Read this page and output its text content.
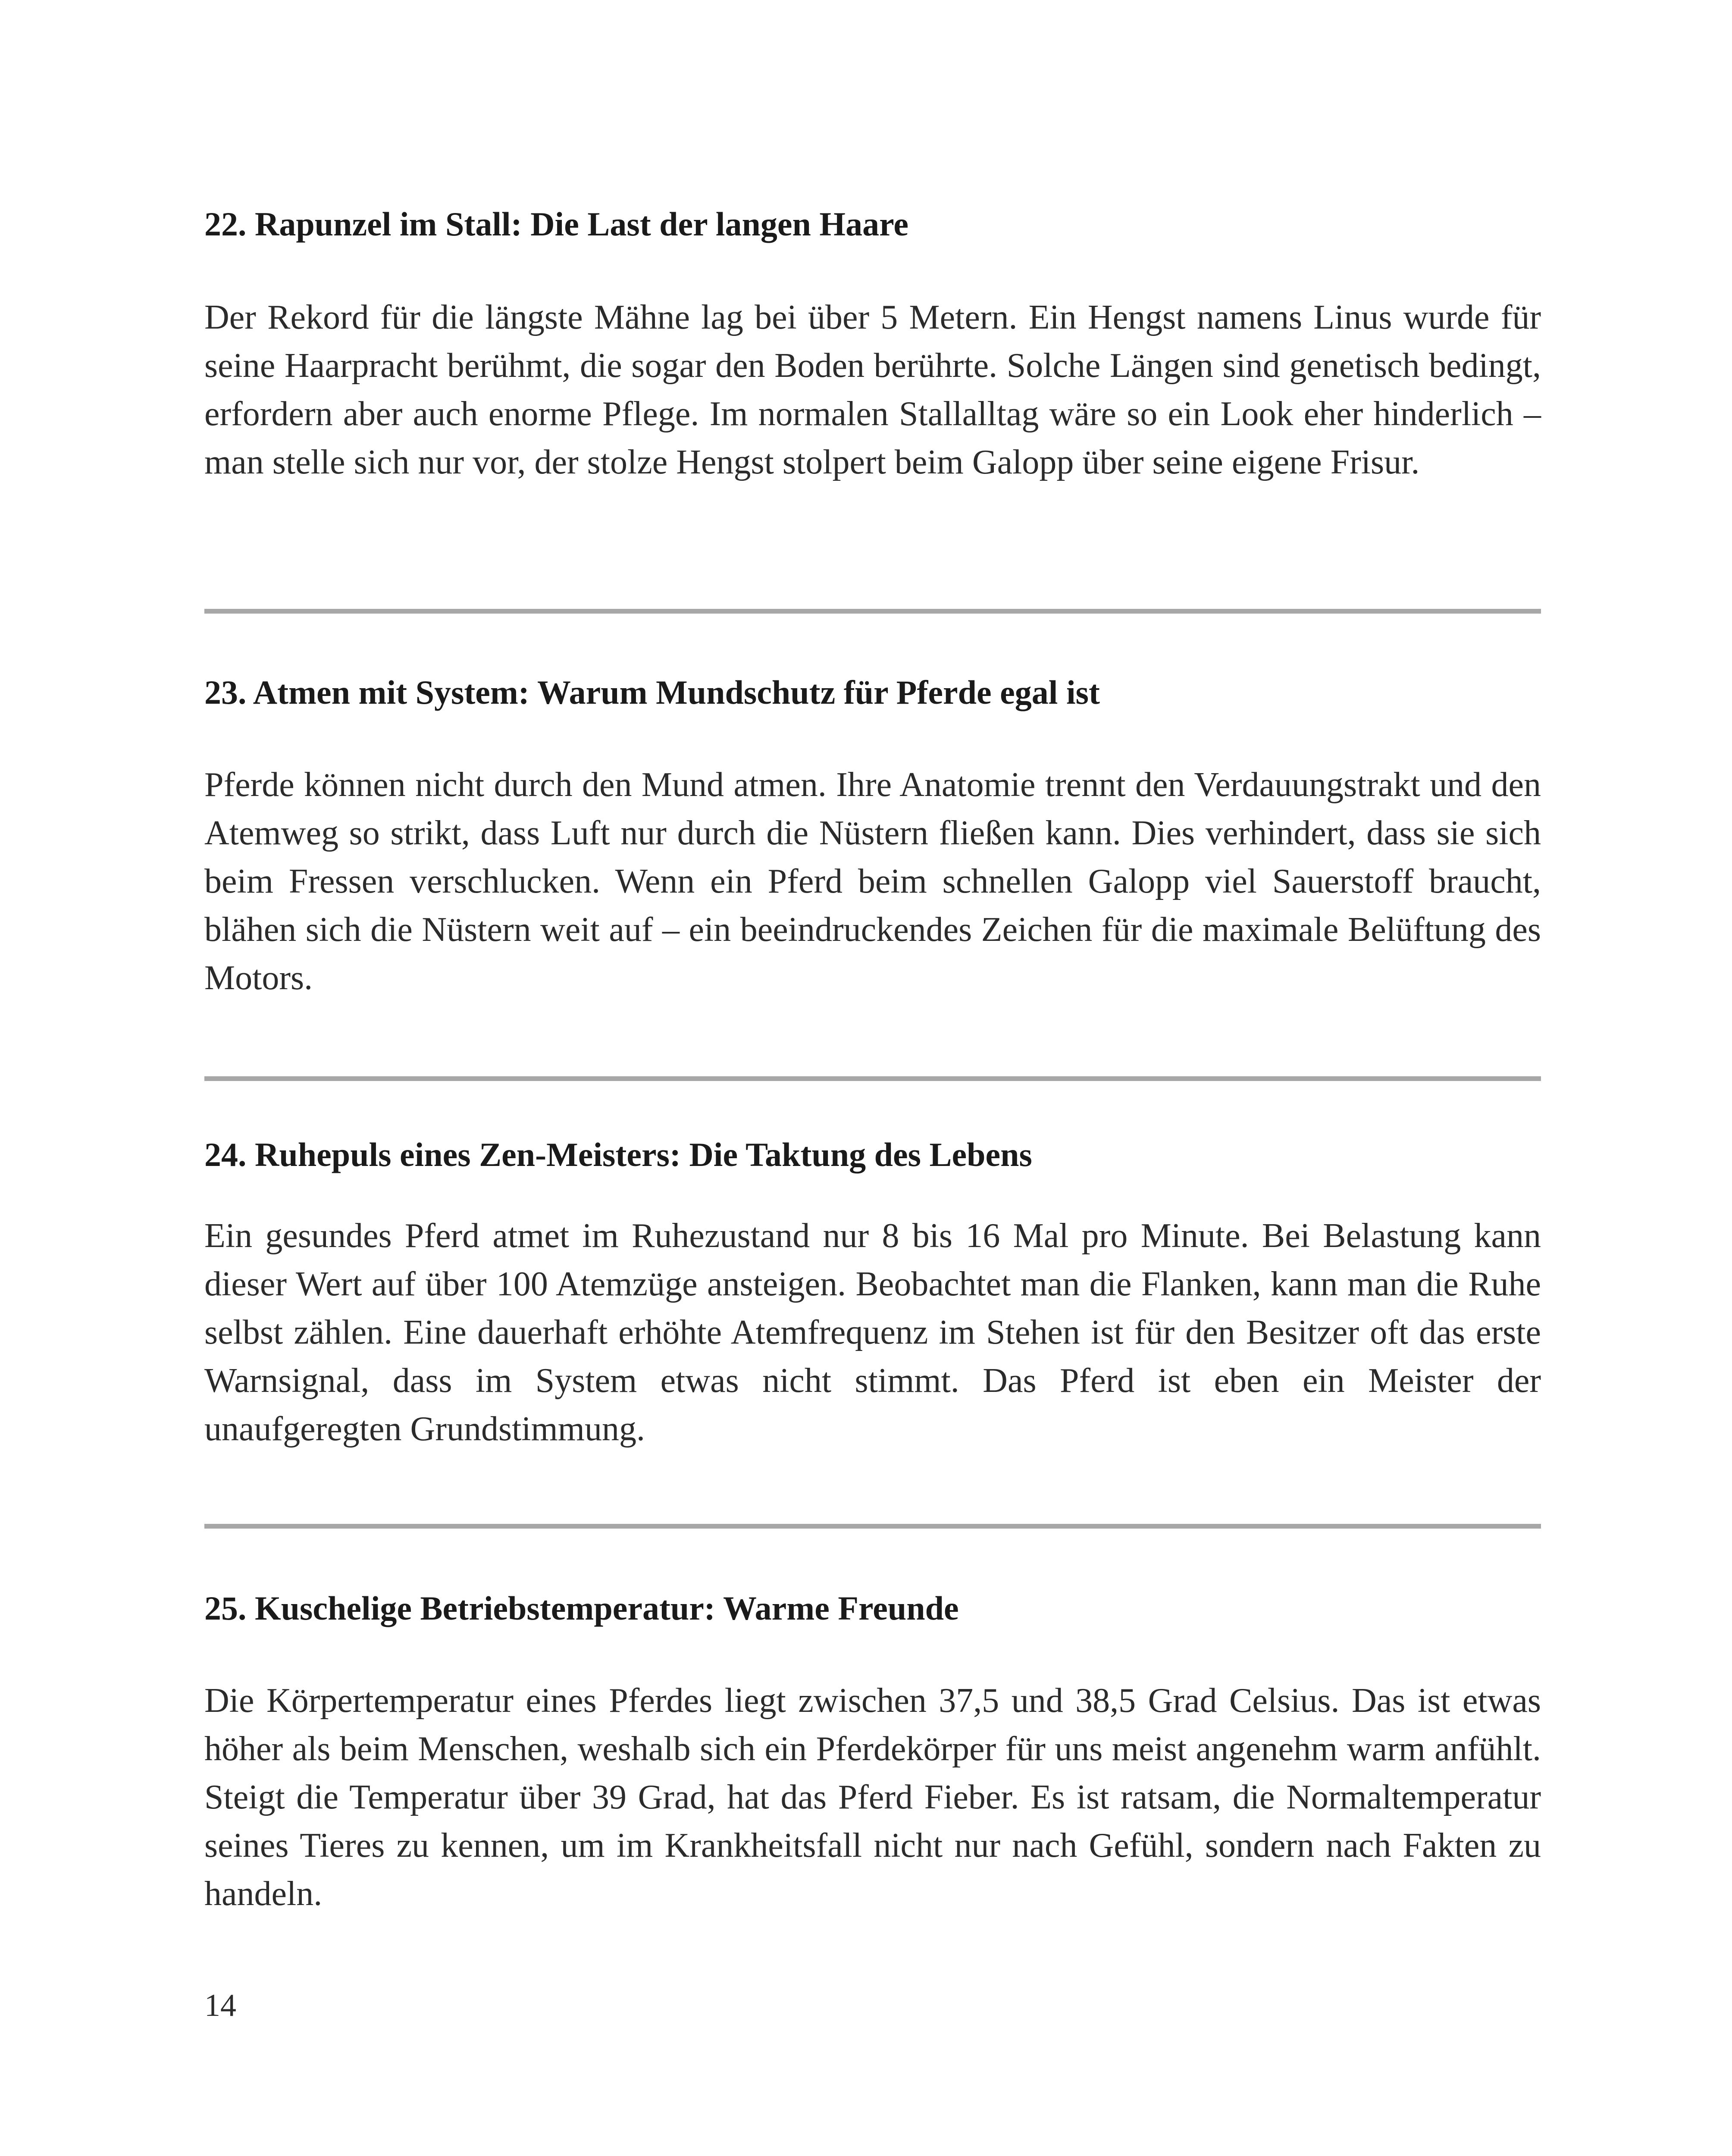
22. Rapunzel im Stall: Die Last der langen Haare

Der Rekord für die längste Mähne lag bei über 5 Metern. Ein Hengst namens Linus wurde für seine Haarpracht berühmt, die sogar den Boden berührte. Solche Längen sind genetisch bedingt, erfordern aber auch enorme Pflege. Im normalen Stallalltag wäre so ein Look eher hinderlich – man stelle sich nur vor, der stolze Hengst stolpert beim Galopp über seine eigene Frisur.

23. Atmen mit System: Warum Mundschutz für Pferde egal ist

Pferde können nicht durch den Mund atmen. Ihre Anatomie trennt den Verdauungstrakt und den Atemweg so strikt, dass Luft nur durch die Nüstern fließen kann. Dies verhindert, dass sie sich beim Fressen verschlucken. Wenn ein Pferd beim schnellen Galopp viel Sauerstoff braucht, blähen sich die Nüstern weit auf – ein beeindruckendes Zeichen für die maximale Belüftung des Motors.

24. Ruhepuls eines Zen-Meisters: Die Taktung des Lebens

Ein gesundes Pferd atmet im Ruhezustand nur 8 bis 16 Mal pro Minute. Bei Belastung kann dieser Wert auf über 100 Atemzüge ansteigen. Beobachtet man die Flanken, kann man die Ruhe selbst zählen. Eine dauerhaft erhöhte Atemfrequenz im Stehen ist für den Besitzer oft das erste Warnsignal, dass im System etwas nicht stimmt. Das Pferd ist eben ein Meister der unaufgeregten Grundstimmung.

25. Kuschelige Betriebstemperatur: Warme Freunde

Die Körpertemperatur eines Pferdes liegt zwischen 37,5 und 38,5 Grad Celsius. Das ist etwas höher als beim Menschen, weshalb sich ein Pferdekörper für uns meist angenehm warm anfühlt. Steigt die Temperatur über 39 Grad, hat das Pferd Fieber. Es ist ratsam, die Normaltemperatur seines Tieres zu kennen, um im Krankheitsfall nicht nur nach Gefühl, sondern nach Fakten zu handeln.

14
